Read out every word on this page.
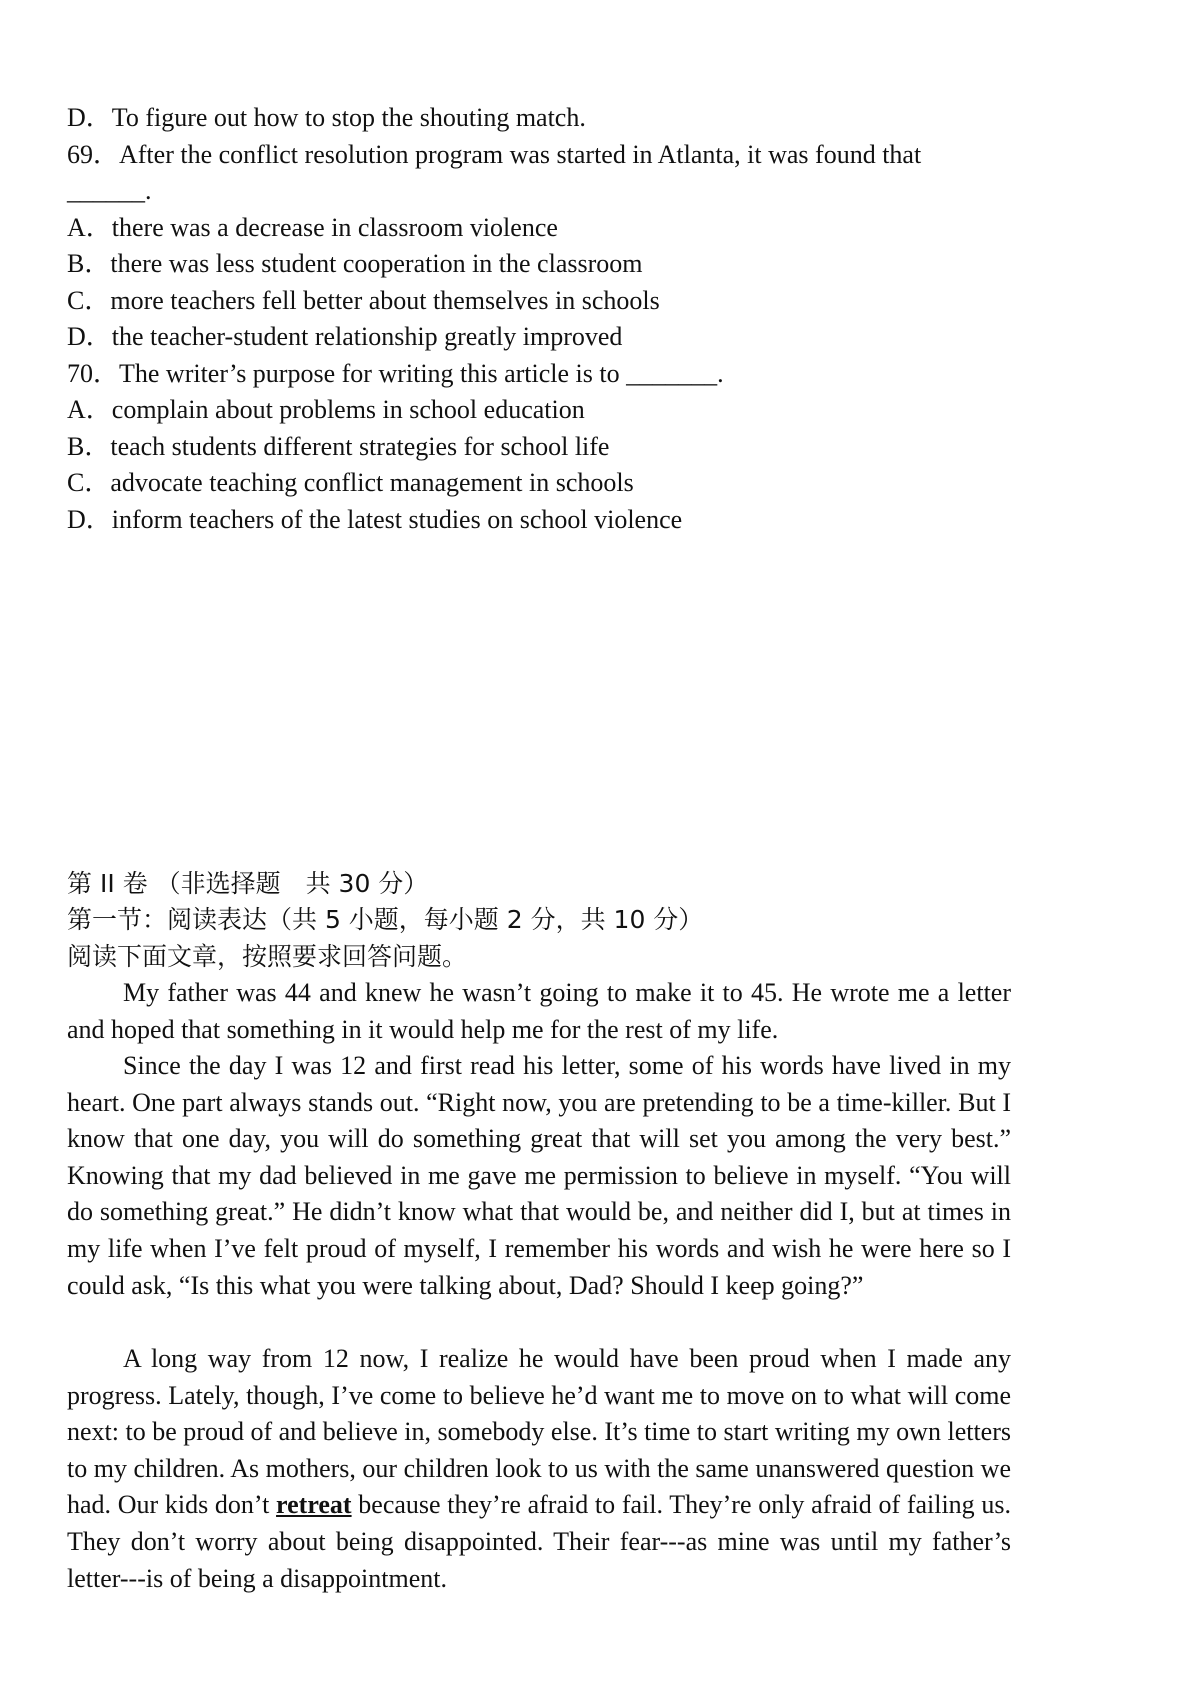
D．To figure out how to stop the shouting match.
69．After the conflict resolution program was started in Atlanta, it was found that
______.
A．there was a decrease in classroom violence
B．there was less student cooperation in the classroom
C．more teachers fell better about themselves in schools
D．the teacher-student relationship greatly improved
70．The writer’s purpose for writing this article is to _______.
A．complain about problems in school education
B．teach students different strategies for school life
C．advocate teaching conflict management in schools
D．inform teachers of the latest studies on school violence
第 II 卷 （非选择题　共 30 分）
第一节：阅读表达（共 5 小题，每小题 2 分，共 10 分）
阅读下面文章，按照要求回答问题。

My father was 44 and knew he wasn’t going to make it to 45. He wrote me a letter and hoped that something in it would help me for the rest of my life.

Since the day I was 12 and first read his letter, some of his words have lived in my heart. One part always stands out. “Right now, you are pretending to be a time-killer. But I know that one day, you will do something great that will set you among the very best.” Knowing that my dad believed in me gave me permission to believe in myself. “You will do something great.” He didn’t know what that would be, and neither did I, but at times in my life when I’ve felt proud of myself, I remember his words and wish he were here so I could ask, “Is this what you were talking about, Dad? Should I keep going?”

A long way from 12 now, I realize he would have been proud when I made any progress. Lately, though, I’ve come to believe he’d want me to move on to what will come next: to be proud of and believe in, somebody else. It’s time to start writing my own letters to my children. As mothers, our children look to us with the same unanswered question we had. Our kids don’t retreat because they’re afraid to fail. They’re only afraid of failing us. They don’t worry about being disappointed. Their fear---as mine was until my father’s letter---is of being a disappointment.
